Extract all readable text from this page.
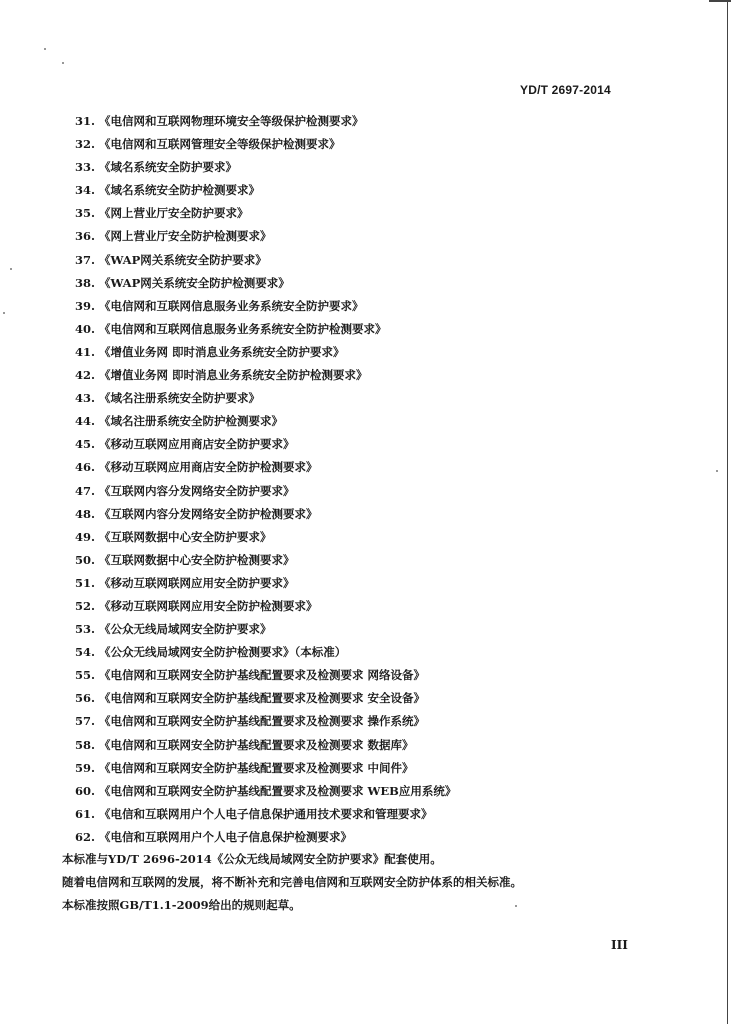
YD/T 2697-2014
31. 《电信网和互联网物理环境安全等级保护检测要求》
32. 《电信网和互联网管理安全等级保护检测要求》
33. 《域名系统安全防护要求》
34. 《域名系统安全防护检测要求》
35. 《网上营业厅安全防护要求》
36. 《网上营业厅安全防护检测要求》
37. 《WAP网关系统安全防护要求》
38. 《WAP网关系统安全防护检测要求》
39. 《电信网和互联网信息服务业务系统安全防护要求》
40. 《电信网和互联网信息服务业务系统安全防护检测要求》
41. 《增值业务网 即时消息业务系统安全防护要求》
42. 《增值业务网 即时消息业务系统安全防护检测要求》
43. 《域名注册系统安全防护要求》
44. 《域名注册系统安全防护检测要求》
45. 《移动互联网应用商店安全防护要求》
46. 《移动互联网应用商店安全防护检测要求》
47. 《互联网内容分发网络安全防护要求》
48. 《互联网内容分发网络安全防护检测要求》
49. 《互联网数据中心安全防护要求》
50. 《互联网数据中心安全防护检测要求》
51. 《移动互联网联网应用安全防护要求》
52. 《移动互联网联网应用安全防护检测要求》
53. 《公众无线局域网安全防护要求》
54. 《公众无线局域网安全防护检测要求》（本标准）
55. 《电信网和互联网安全防护基线配置要求及检测要求 网络设备》
56. 《电信网和互联网安全防护基线配置要求及检测要求 安全设备》
57. 《电信网和互联网安全防护基线配置要求及检测要求 操作系统》
58. 《电信网和互联网安全防护基线配置要求及检测要求 数据库》
59. 《电信网和互联网安全防护基线配置要求及检测要求 中间件》
60. 《电信网和互联网安全防护基线配置要求及检测要求 WEB应用系统》
61. 《电信和互联网用户个人电子信息保护通用技术要求和管理要求》
62. 《电信和互联网用户个人电子信息保护检测要求》
本标准与YD/T 2696-2014《公众无线局域网安全防护要求》配套使用。
随着电信网和互联网的发展，将不断补充和完善电信网和互联网安全防护体系的相关标准。
本标准按照GB/T1.1-2009给出的规则起草。
III
